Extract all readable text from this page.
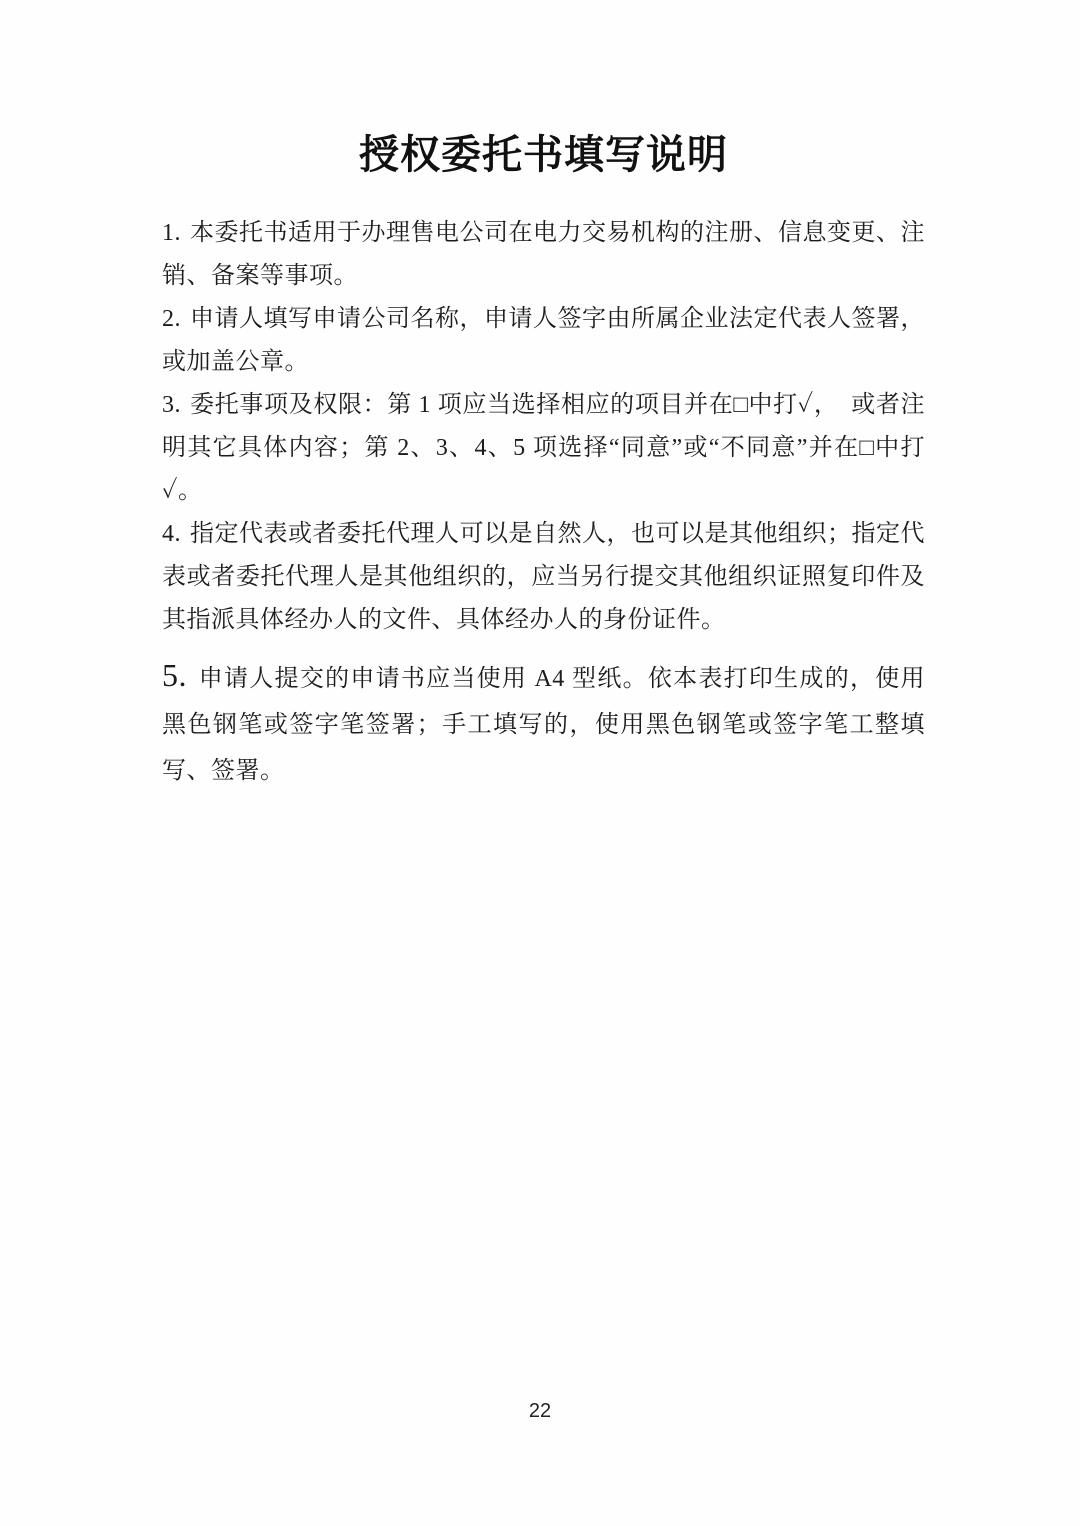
授权委托书填写说明

1. 本委托书适用于办理售电公司在电力交易机构的注册、信息变更、注销、备案等事项。

2. 申请人填写申请公司名称，申请人签字由所属企业法定代表人签署，或加盖公章。

3. 委托事项及权限：第 1 项应当选择相应的项目并在□中打✓，　或者注明其它具体内容；第 2、3、4、5 项选择“同意”或“不同意”并在□中打✓。

4. 指定代表或者委托代理人可以是自然人，也可以是其他组织；指定代表或者委托代理人是其他组织的，应当另行提交其他组织证照复印件及其指派具体经办人的文件、具体经办人的身份证件。

5. 申请人提交的申请书应当使用 A4 型纸。依本表打印生成的，使用黑色钢笔或签字笔签署；手工填写的，使用黑色钢笔或签字笔工整填写、签署。

22
